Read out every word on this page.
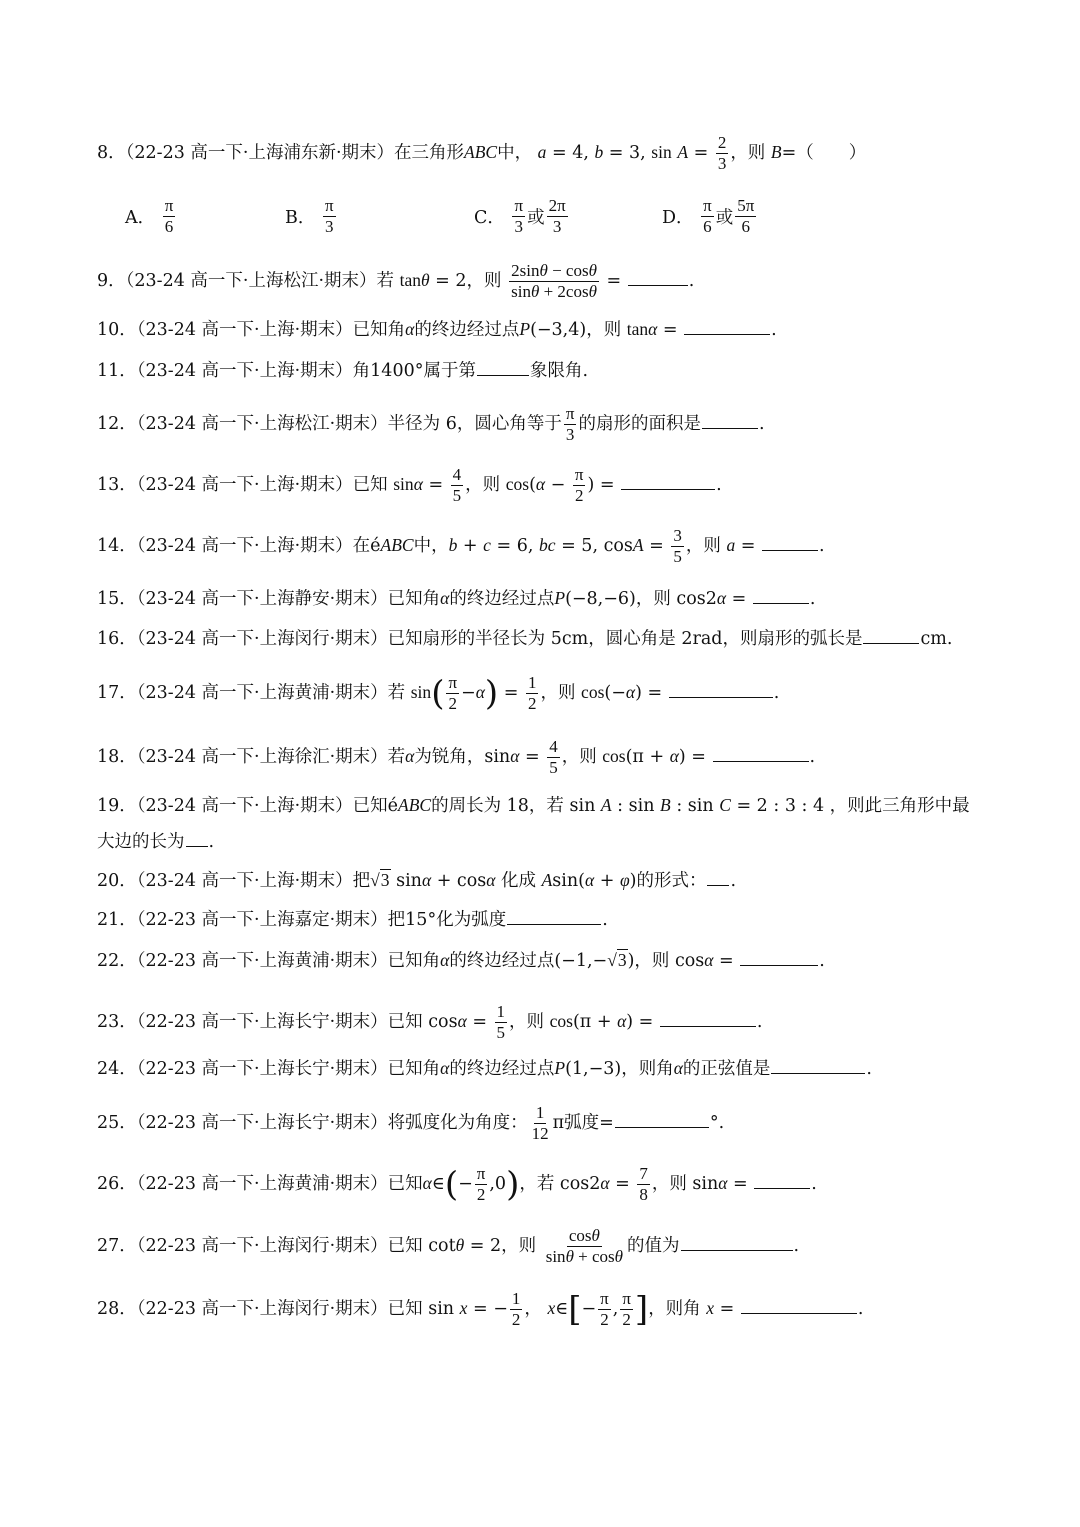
8．（22-23 高一下·上海浦东新·期末）在三角形ABC中， a = 4, b = 3, $\sin A = \frac{2}{3}$ ，则 B=（　　）
A．
$\frac{\pi}{6}$	B．
$\frac{\pi}{3}$	C．
$\frac{\pi}{3}$ 或 $\frac{2\pi}{3}$	D．
$\frac{\pi}{6}$ 或 $\frac{5\pi}{6}$
9．（23-24 高一下·上海松江·期末）若 tanθ = 2，则 $\frac{2\sin\theta - \cos\theta}{\sin\theta + 2\cos\theta}$ =	.
10．（23-24 高一下·上海·期末）已知角α的终边经过点P(−3,4)，则 tanα =	.
11．（23-24 高一下·上海·期末）角1400°属于第	象限角.
12．（23-24 高一下·上海松江·期末）半径为 6，圆心角等于 $\frac{\pi}{3}$ 的扇形的面积是	.
13．（23-24 高一下·上海·期末）已知 $\sin\alpha = \frac{4}{5}$ ，则 $\cos(\alpha - \frac{\pi}{2}$ ) =	.
14．（23-24 高一下·上海·期末）在éABC中，b + c = 6, bc = 5, $\cos A = \frac{3}{5}$ ，则 a =	.
15．（23-24 高一下·上海静安·期末）已知角α的终边经过点P(−8,−6)，则 cos2α =	.
16．（23-24 高一下·上海闵行·期末）已知扇形的半径长为 5cm，圆心角是 2rad，则扇形的弧长是	cm.
17．（23-24 高一下·上海黄浦·期末）若 $\sin( \frac{\pi}{2} -\alpha) = \frac{1}{2}$ ，则 cos(−α) =	.
18．（23-24 高一下·上海徐汇·期末）若α为锐角，$\sin\alpha = \frac{4}{5}$ ，则 cos(π + α) =	.
19．（23-24 高一下·上海·期末）已知éABC的周长为 18，若 sin A : sin B : sin C = 2 : 3 : 4 ，则此三角形中最大边的长为 .
20．（23-24 高一下·上海·期末）把√3 sinα + cosα 化成 Asin(α + φ)的形式： .
21．（22-23 高一下·上海嘉定·期末）把15°化为弧度	.
22．（22-23 高一下·上海黄浦·期末）已知角α的终边经过点(−1,−√3)，则 cosα =	.
23．（22-23 高一下·上海长宁·期末）已知 $\cos\alpha = \frac{1}{5}$ ，则 cos(π + α) =	.
24．（22-23 高一下·上海长宁·期末）已知角α的终边经过点P(1,−3)，则角α的正弦值是	.
25．（22-23 高一下·上海长宁·期末）将弧度化为角度： $\frac{1}{12}$ π弧度=	°.
26．（22-23 高一下·上海黄浦·期末）已知α∈(− $\frac{\pi}{2} ,0$)，若 $\cos 2\alpha = \frac{7}{8}$ ，则 sinα =	.
27．（22-23 高一下·上海闵行·期末）已知 cotθ = 2，则 $\frac{\cos\theta}{\sin\theta + \cos\theta}$ 的值为	.
28．（22-23 高一下·上海闵行·期末）已知 sin x = − $\frac{1}{2}$ ， x∈[− $\frac{\pi}{2}$ , $\frac{\pi}{2}$ ]，则角 x =	.
